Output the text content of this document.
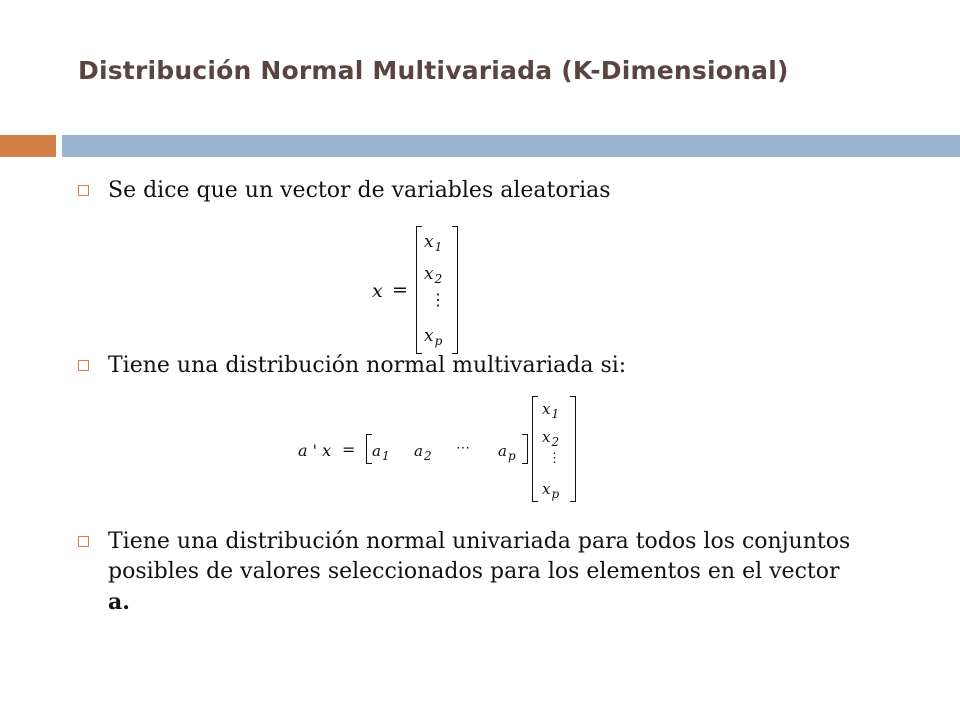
Distribución Normal Multivariada (K-Dimensional)
Se dice que un vector de variables aleatorias
x =
$x_1$
$x_2$
⋮
$x_p$
Tiene una distribución normal multivariada si:
a ' $x = a_1$ $a_2$ ⋯ $a_p$
$x_1$
$x_2$
⋮
$x_p$
Tiene una distribución normal univariada para todos los conjuntos posibles de valores seleccionados para los elementos en el vector a.
